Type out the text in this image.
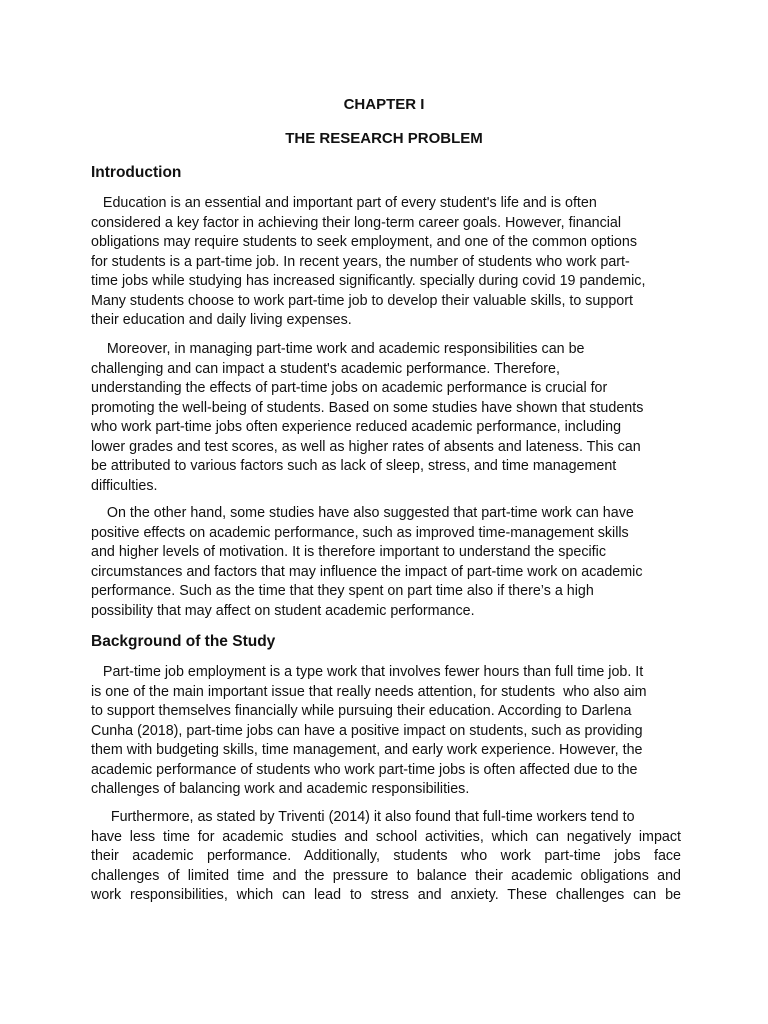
CHAPTER I
THE RESEARCH PROBLEM
Introduction
Education is an essential and important part of every student's life and is often
considered a key factor in achieving their long-term career goals. However, financial
obligations may require students to seek employment, and one of the common options
for students is a part-time job. In recent years, the number of students who work part-
time jobs while studying has increased significantly. specially during covid 19 pandemic,
Many students choose to work part-time job to develop their valuable skills, to support
their education and daily living expenses.
Moreover, in managing part-time work and academic responsibilities can be
challenging and can impact a student's academic performance. Therefore,
understanding the effects of part-time jobs on academic performance is crucial for
promoting the well-being of students. Based on some studies have shown that students
who work part-time jobs often experience reduced academic performance, including
lower grades and test scores, as well as higher rates of absents and lateness. This can
be attributed to various factors such as lack of sleep, stress, and time management
difficulties.
On the other hand, some studies have also suggested that part-time work can have
positive effects on academic performance, such as improved time-management skills
and higher levels of motivation. It is therefore important to understand the specific
circumstances and factors that may influence the impact of part-time work on academic
performance. Such as the time that they spent on part time also if there’s a high
possibility that may affect on student academic performance.
Background of the Study
Part-time job employment is a type work that involves fewer hours than full time job. It
is one of the main important issue that really needs attention, for students  who also aim
to support themselves financially while pursuing their education. According to Darlena
Cunha (2018), part-time jobs can have a positive impact on students, such as providing
them with budgeting skills, time management, and early work experience. However, the
academic performance of students who work part-time jobs is often affected due to the
challenges of balancing work and academic responsibilities.
Furthermore, as stated by Triventi (2014) it also found that full-time workers tend to
have less time for academic studies and school activities, which can negatively impact
their academic performance. Additionally, students who work part-time jobs face
challenges of limited time and the pressure to balance their academic obligations and
work responsibilities, which can lead to stress and anxiety. These challenges can be
